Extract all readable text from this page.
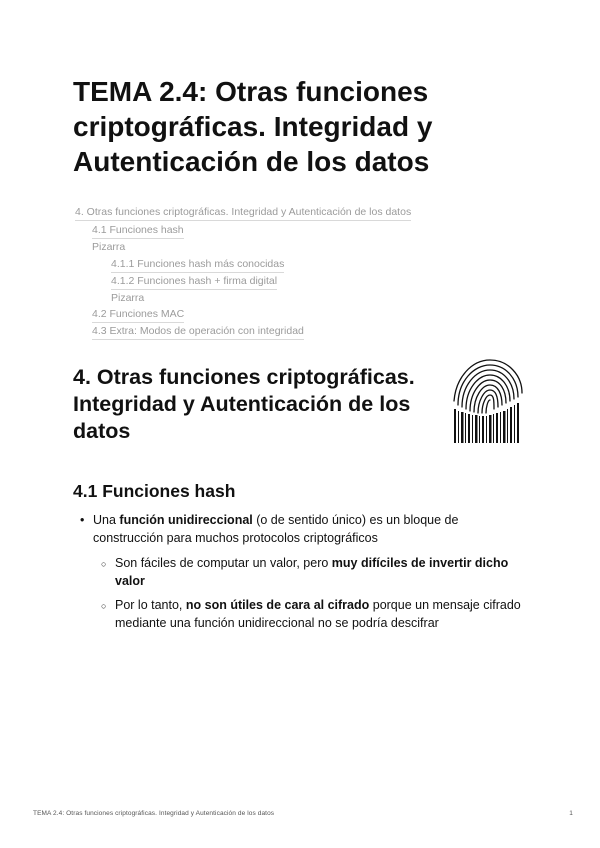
TEMA 2.4: Otras funciones criptográficas. Integridad y Autenticación de los datos
4. Otras funciones criptográficas. Integridad y Autenticación de los datos
4.1 Funciones hash
Pizarra
4.1.1 Funciones hash más conocidas
4.1.2 Funciones hash + firma digital
Pizarra
4.2 Funciones MAC
4.3 Extra: Modos de operación con integridad
4. Otras funciones criptográficas. Integridad y Autenticación de los datos
4.1 Funciones hash
• Una función unidireccional (o de sentido único) es un bloque de construcción para muchos protocolos criptográficos
○ Son fáciles de computar un valor, pero muy difíciles de invertir dicho valor
○ Por lo tanto, no son útiles de cara al cifrado porque un mensaje cifrado mediante una función unidireccional no se podría descifrar
TEMA 2.4: Otras funciones criptográficas. Integridad y Autenticación de los datos	1
